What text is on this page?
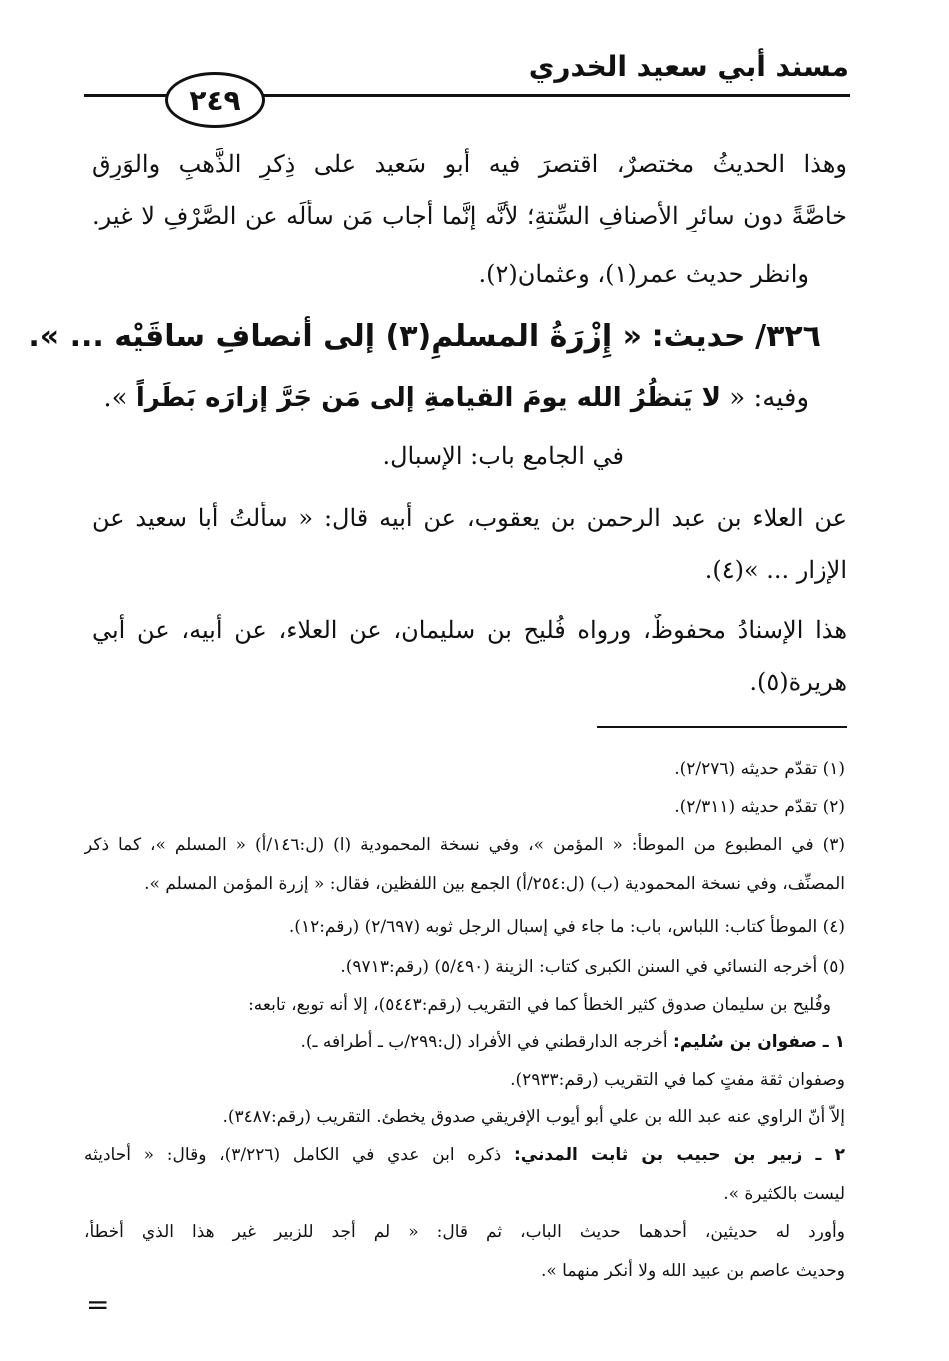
مسند أبي سعيد الخدري
٢٤٩
وهذا الحديثُ مختصرٌ، اقتصرَ فيه أبو سَعيد على ذِكرِ الذَّهبِ والوَرِق
خاصَّةً دون سائرِ الأصنافِ السِّتةِ؛ لأنَّه إنَّما أجاب مَن سألَه عن الصَّرْفِ لا غير.
وانظر حديث عمر(١)، وعثمان(٢).
٣٢٦/ حديث: « إِزْرَةُ المسلمِ(٣) إلى أنصافِ ساقَيْه ... ».
وفيه: « لا يَنظُرُ الله يومَ القيامةِ إلى مَن جَرَّ إزارَه بَطَراً ».
في الجامع باب: الإسبال.
عن العلاء بن عبد الرحمن بن يعقوب، عن أبيه قال: « سألتُ أبا سعيد عن
الإزار ... »(٤).
هذا الإسنادُ محفوظٌ، ورواه فُليح بن سليمان، عن العلاء، عن أبيه، عن أبي
هريرة(٥).
(١) تقدّم حديثه (٢/٢٧٦).
(٢) تقدّم حديثه (٢/٣١١).
(٣) في المطبوع من الموطأ: « المؤمن »، وفي نسخة المحمودية (ا) (ل:١٤٦/أ) « المسلم »، كما ذكر
المصنِّف، وفي نسخة المحمودية (ب) (ل:٢٥٤/أ) الجمع بين اللفظين، فقال: « إزرة المؤمن المسلم ».
(٤) الموطأ كتاب: اللباس، باب: ما جاء في إسبال الرجل ثوبه (٢/٦٩٧) (رقم:١٢).
(٥) أخرجه النسائي في السنن الكبرى كتاب: الزينة (٥/٤٩٠) (رقم:٩٧١٣).
وفُليح بن سليمان صدوق كثير الخطأ كما في التقريب (رقم:٥٤٤٣)، إلا أنه توبع، تابعه:
١ ـ صفوان بن سُليم: أخرجه الدارقطني في الأفراد (ل:٢٩٩/ب ـ أطرافه ـ).
وصفوان ثقة مفتٍ كما في التقريب (رقم:٢٩٣٣).
إلاّ أنّ الراوي عنه عبد الله بن علي أبو أيوب الإفريقي صدوق يخطئ. التقريب (رقم:٣٤٨٧).
٢ ـ زبير بن حبيب بن ثابت المدني: ذكره ابن عدي في الكامل (٣/٢٢٦)، وقال: « أحاديثه
ليست بالكثيرة ».
وأورد له حديثين، أحدهما حديث الباب، ثم قال: « لم أجد للزبير غير هذا الذي أخطأ،
وحديث عاصم بن عبيد الله ولا أنكر منهما ».
=
